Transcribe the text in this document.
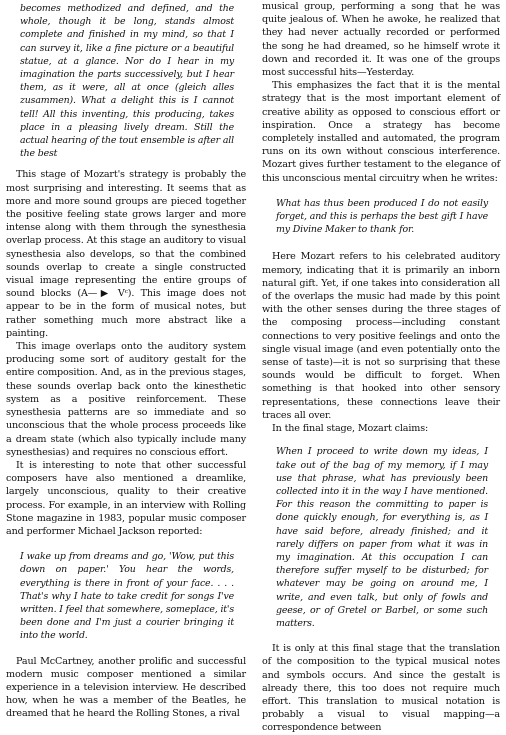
becomes methodized and defined, and the whole, though it be long, stands almost complete and finished in my mind, so that I can survey it, like a fine picture or a beautiful statue, at a glance. Nor do I hear in my imagination the parts successively, but I hear them, as it were, all at once (gleich alles zusammen). What a delight this is I cannot tell! All this inventing, this producing, takes place in a pleasing lively dream. Still the actual hearing of the tout ensemble is after all the best

This stage of Mozart's strategy is probably the most surprising and interesting. It seems that as more and more sound groups are pieced together the positive feeling state grows larger and more intense along with them through the synesthesia overlap process. At this stage an auditory to visual synesthesia also develops, so that the combined sounds overlap to create a single constructed visual image representing the entire groups of sound blocks (A—▶ Vᶜ). This image does not appear to be in the form of musical notes, but rather something much more abstract like a painting.

This image overlaps onto the auditory system producing some sort of auditory gestalt for the entire composition. And, as in the previous stages, these sounds overlap back onto the kinesthetic system as a positive reinforcement. These synesthesia patterns are so immediate and so unconscious that the whole process proceeds like a dream state (which also typically include many synesthesias) and requires no conscious effort.

It is interesting to note that other successful composers have also mentioned a dreamlike, largely unconscious, quality to their creative process. For example, in an interview with Rolling Stone magazine in 1983, popular music composer and performer Michael Jackson reported:

I wake up from dreams and go, 'Wow, put this down on paper.' You hear the words, everything is there in front of your face. . . . That's why I hate to take credit for songs I've written. I feel that somewhere, someplace, it's been done and I'm just a courier bringing it into the world.

Paul McCartney, another prolific and successful modern music composer mentioned a similar experience in a television interview. He described how, when he was a member of the Beatles, he dreamed that he heard the Rolling Stones, a rival

musical group, performing a song that he was quite jealous of. When he awoke, he realized that they had never actually recorded or performed the song he had dreamed, so he himself wrote it down and recorded it. It was one of the groups most successful hits—Yesterday.

This emphasizes the fact that it is the mental strategy that is the most important element of creative ability as opposed to conscious effort or inspiration. Once a strategy has become completely installed and automated, the program runs on its own without conscious interference. Mozart gives further testament to the elegance of this unconscious mental circuitry when he writes:

What has thus been produced I do not easily forget, and this is perhaps the best gift I have my Divine Maker to thank for.

Here Mozart refers to his celebrated auditory memory, indicating that it is primarily an inborn natural gift. Yet, if one takes into consideration all of the overlaps the music had made by this point with the other senses during the three stages of the composing process—including constant connections to very positive feelings and onto the single visual image (and even potentially onto the sense of taste)—it is not so surprising that these sounds would be difficult to forget. When something is that hooked into other sensory representations, these connections leave their traces all over.

In the final stage, Mozart claims:

When I proceed to write down my ideas, I take out of the bag of my memory, if I may use that phrase, what has previously been collected into it in the way I have mentioned. For this reason the committing to paper is done quickly enough, for everything is, as I have said before, already finished; and it rarely differs on paper from what it was in my imagination. At this occupation I can therefore suffer myself to be disturbed; for whatever may be going on around me, I write, and even talk, but only of fowls and geese, or of Gretel or Barbel, or some such matters.

It is only at this final stage that the translation of the composition to the typical musical notes and symbols occurs. And since the gestalt is already there, this too does not require much effort. This translation to musical notation is probably a visual to visual mapping—a correspondence between
